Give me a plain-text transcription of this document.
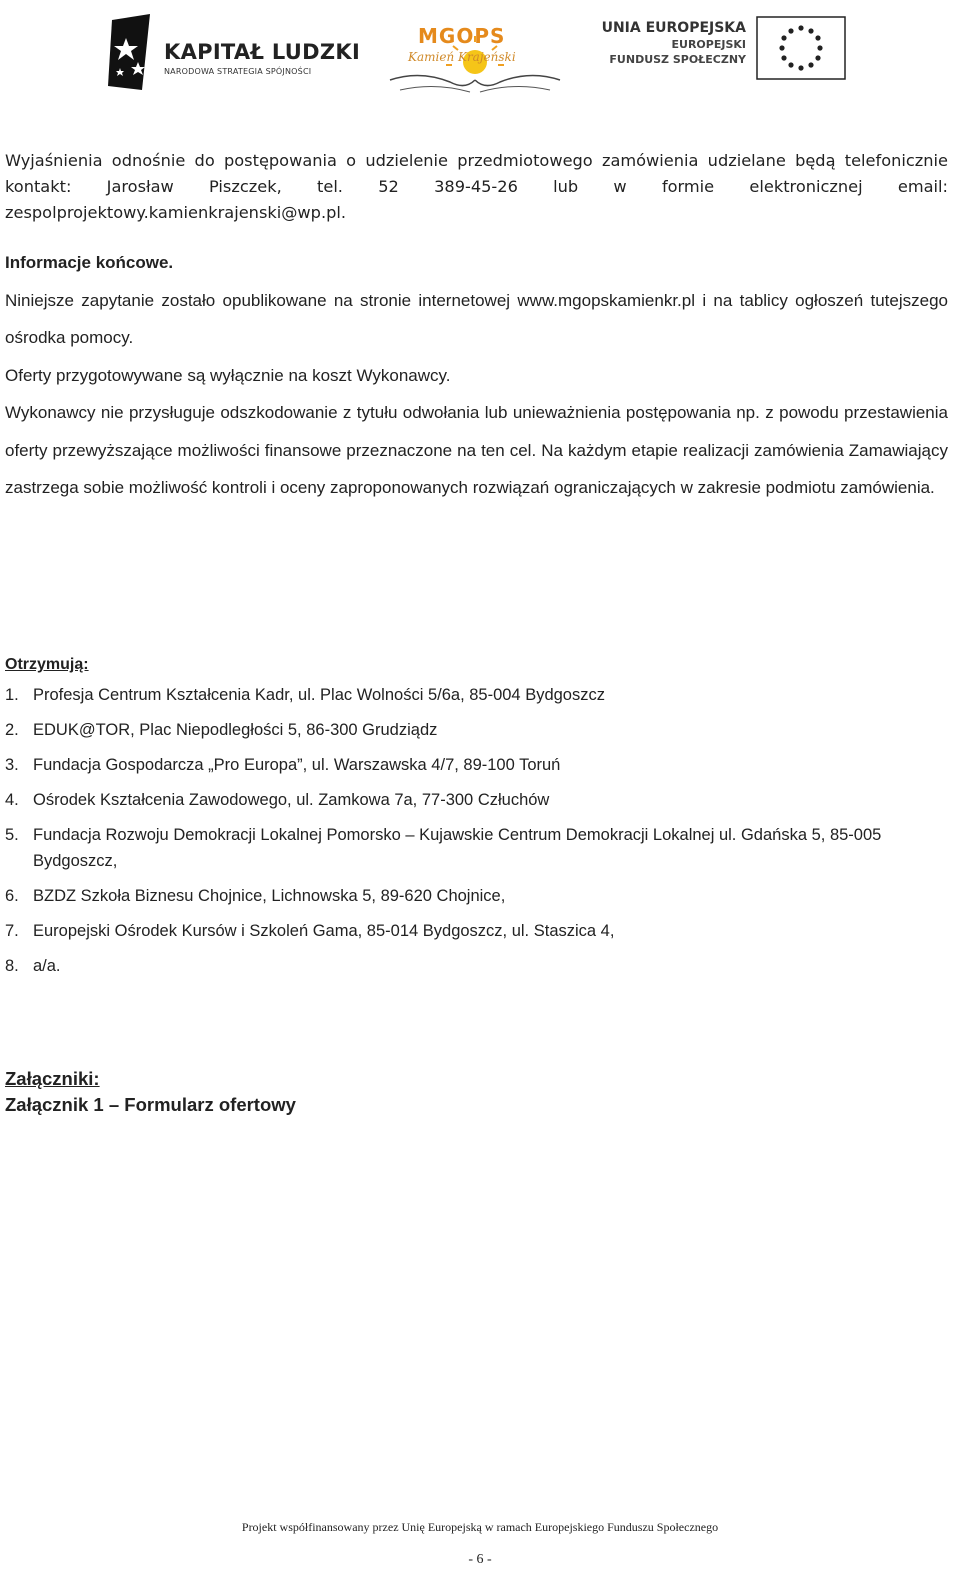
KAPITAŁ LUDZKI
NARODOWA STRATEGIA SPÓJNOŚCI
MGOPS
Kamień Krajeński
UNIA EUROPEJSKA
EUROPEJSKI
FUNDUSZ SPOŁECZNY

Wyjaśnienia odnośnie do postępowania o udzielenie przedmiotowego zamówienia udzielane będą telefonicznie kontakt: Jarosław Piszczek, tel. 52 389-45-26 lub w formie elektronicznej email: zespolprojektowy.kamienkrajenski@wp.pl.

Informacje końcowe.

Niniejsze zapytanie zostało opublikowane na stronie internetowej www.mgopskamienkr.pl i na tablicy ogłoszeń tutejszego ośrodka pomocy.

Oferty przygotowywane są wyłącznie na koszt Wykonawcy.

Wykonawcy nie przysługuje odszkodowanie z tytułu odwołania lub unieważnienia postępowania np. z powodu przestawienia oferty przewyższające możliwości finansowe przeznaczone na ten cel. Na każdym etapie realizacji zamówienia Zamawiający zastrzega sobie możliwość kontroli i oceny zaproponowanych rozwiązań ograniczających w zakresie podmiotu zamówienia.

Otrzymują:
1. Profesja Centrum Kształcenia Kadr, ul. Plac Wolności 5/6a, 85-004 Bydgoszcz
2. EDUK@TOR, Plac Niepodległości 5, 86-300 Grudziądz
3. Fundacja Gospodarcza „Pro Europa”, ul. Warszawska 4/7, 89-100 Toruń
4. Ośrodek Kształcenia Zawodowego, ul. Zamkowa 7a, 77-300 Człuchów
5. Fundacja Rozwoju Demokracji Lokalnej Pomorsko – Kujawskie Centrum Demokracji Lokalnej ul. Gdańska 5, 85-005 Bydgoszcz,
6. BZDZ Szkoła Biznesu Chojnice, Lichnowska 5, 89-620 Chojnice,
7. Europejski Ośrodek Kursów i Szkoleń Gama, 85-014 Bydgoszcz, ul. Staszica 4,
8. a/a.
Załączniki:
Załącznik 1 – Formularz ofertowy
Projekt współfinansowany przez Unię Europejską w ramach Europejskiego Funduszu Społecznego
- 6 -
